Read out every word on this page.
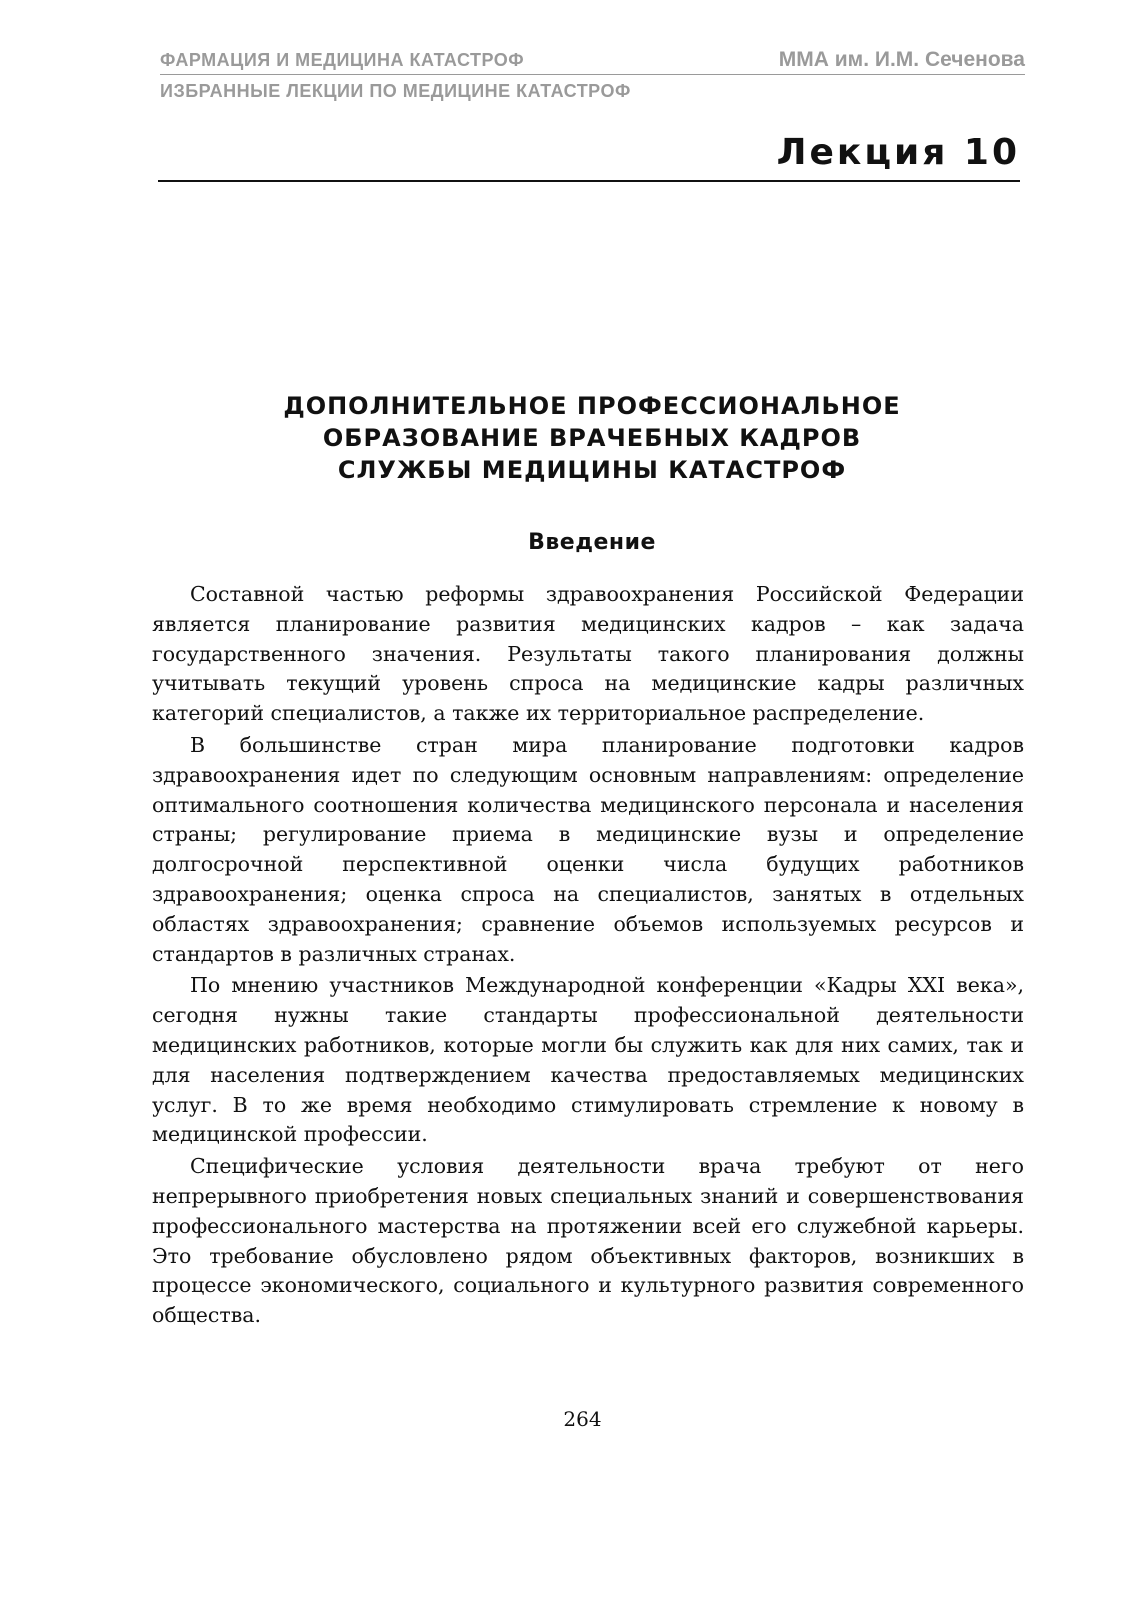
ФАРМАЦИЯ И МЕДИЦИНА КАТАСТРОФ	ММА им. И.М. Сеченова
ИЗБРАННЫЕ ЛЕКЦИИ ПО МЕДИЦИНЕ КАТАСТРОФ
Лекция 10
ДОПОЛНИТЕЛЬНОЕ ПРОФЕССИОНАЛЬНОЕ
ОБРАЗОВАНИЕ ВРАЧЕБНЫХ КАДРОВ
СЛУЖБЫ МЕДИЦИНЫ КАТАСТРОФ
Введение

Составной частью реформы здравоохранения Российской Федерации является планирование развития медицинских кадров – как задача государственного значения. Результаты такого планирования должны учитывать текущий уровень спроса на медицинские кадры различных категорий специалистов, а также их территориальное распределение.

В большинстве стран мира планирование подготовки кадров здравоохранения идет по следующим основным направлениям: определение оптимального соотношения количества медицинского персонала и населения страны; регулирование приема в медицинские вузы и определение долгосрочной перспективной оценки числа будущих работников здравоохранения; оценка спроса на специалистов, занятых в отдельных областях здравоохранения; сравнение объемов используемых ресурсов и стандартов в различных странах.

По мнению участников Международной конференции «Кадры XXI века», сегодня нужны такие стандарты профессиональной деятельности медицинских работников, которые могли бы служить как для них самих, так и для населения подтверждением качества предоставляемых медицинских услуг. В то же время необходимо стимулировать стремление к новому в медицинской профессии.

Специфические условия деятельности врача требуют от него непрерывного приобретения новых специальных знаний и совершенствования профессионального мастерства на протяжении всей его служебной карьеры. Это требование обусловлено рядом объективных факторов, возникших в процессе экономического, социального и культурного развития современного общества.

264
